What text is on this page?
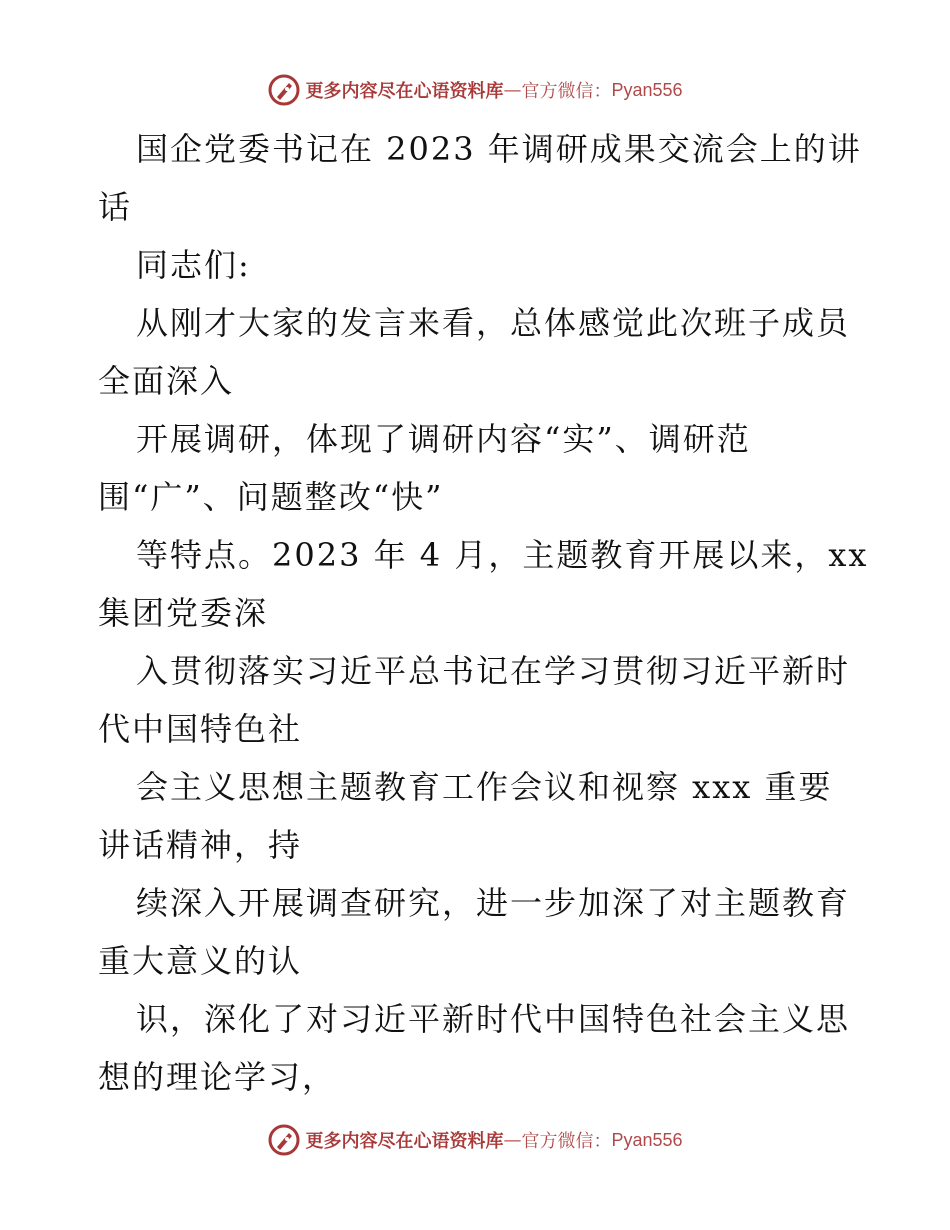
更多内容尽在心语资料库 — 官方微信： Pyan556
国企党委书记在 2023 年调研成果交流会上的讲
话
同志们:
从刚才大家的发言来看，总体感觉此次班子成员
全面深入
开展调研，体现了调研内容“实”、调研范
围“广”、问题整改“快”
等特点。2023 年 4 月，主题教育开展以来，xx
集团党委深
入贯彻落实习近平总书记在学习贯彻习近平新时
代中国特色社
会主义思想主题教育工作会议和视察 xxx 重要
讲话精神，持
续深入开展调查研究，进一步加深了对主题教育
重大意义的认
识，深化了对习近平新时代中国特色社会主义思
想的理论学习，
更多内容尽在心语资料库 — 官方微信： Pyan556
